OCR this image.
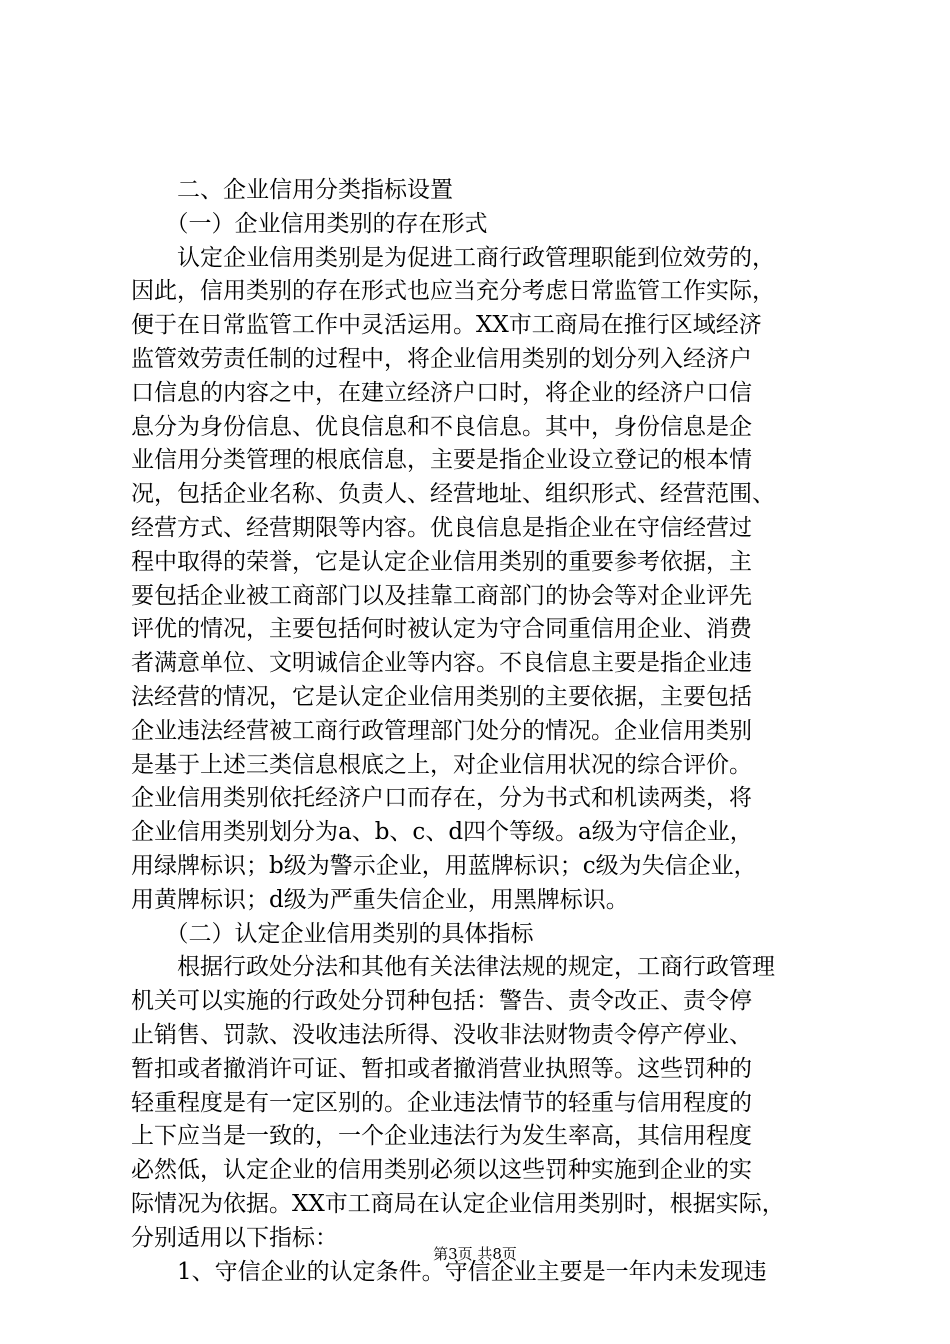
　　二、企业信用分类指标设置
　　（一）企业信用类别的存在形式
　　认定企业信用类别是为促进工商行政管理职能到位效劳的，
因此，信用类别的存在形式也应当充分考虑日常监管工作实际，
便于在日常监管工作中灵活运用。XX市工商局在推行区域经济
监管效劳责任制的过程中，将企业信用类别的划分列入经济户
口信息的内容之中，在建立经济户口时，将企业的经济户口信
息分为身份信息、优良信息和不良信息。其中，身份信息是企
业信用分类管理的根底信息，主要是指企业设立登记的根本情
况，包括企业名称、负责人、经营地址、组织形式、经营范围、
经营方式、经营期限等内容。优良信息是指企业在守信经营过
程中取得的荣誉，它是认定企业信用类别的重要参考依据，主
要包括企业被工商部门以及挂靠工商部门的协会等对企业评先
评优的情况，主要包括何时被认定为守合同重信用企业、消费
者满意单位、文明诚信企业等内容。不良信息主要是指企业违
法经营的情况，它是认定企业信用类别的主要依据，主要包括
企业违法经营被工商行政管理部门处分的情况。企业信用类别
是基于上述三类信息根底之上，对企业信用状况的综合评价。
企业信用类别依托经济户口而存在，分为书式和机读两类，将
企业信用类别划分为a、b、c、d四个等级。a级为守信企业，
用绿牌标识；b级为警示企业，用蓝牌标识；c级为失信企业，
用黄牌标识；d级为严重失信企业，用黑牌标识。
　　（二）认定企业信用类别的具体指标
　　根据行政处分法和其他有关法律法规的规定，工商行政管理
机关可以实施的行政处分罚种包括：警告、责令改正、责令停
止销售、罚款、没收违法所得、没收非法财物责令停产停业、
暂扣或者撤消许可证、暂扣或者撤消营业执照等。这些罚种的
轻重程度是有一定区别的。企业违法情节的轻重与信用程度的
上下应当是一致的，一个企业违法行为发生率高，其信用程度
必然低，认定企业的信用类别必须以这些罚种实施到企业的实
际情况为依据。XX市工商局在认定企业信用类别时，根据实际，
分别适用以下指标：
　　1、守信企业的认定条件。守信企业主要是一年内未发现违
第3页 共8页
